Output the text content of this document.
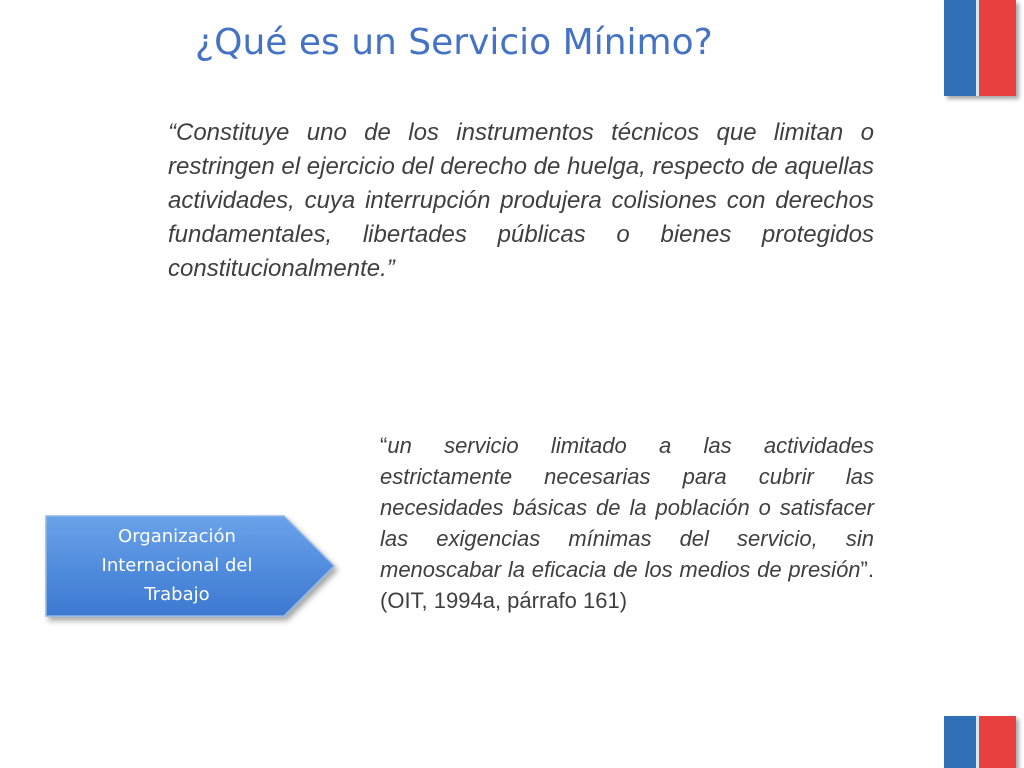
¿Qué es un Servicio Mínimo?
“Constituye uno de los instrumentos técnicos que limitan o restringen el ejercicio del derecho de huelga, respecto de aquellas actividades, cuya interrupción produjera colisiones con derechos fundamentales, libertades públicas o bienes protegidos constitucionalmente.”
“un servicio limitado a las actividades estrictamente necesarias para cubrir las necesidades básicas de la población o satisfacer las exigencias mínimas del servicio, sin menoscabar la eficacia de los medios de presión”. (OIT, 1994a, párrafo 161)
Organización
Internacional del
Trabajo
